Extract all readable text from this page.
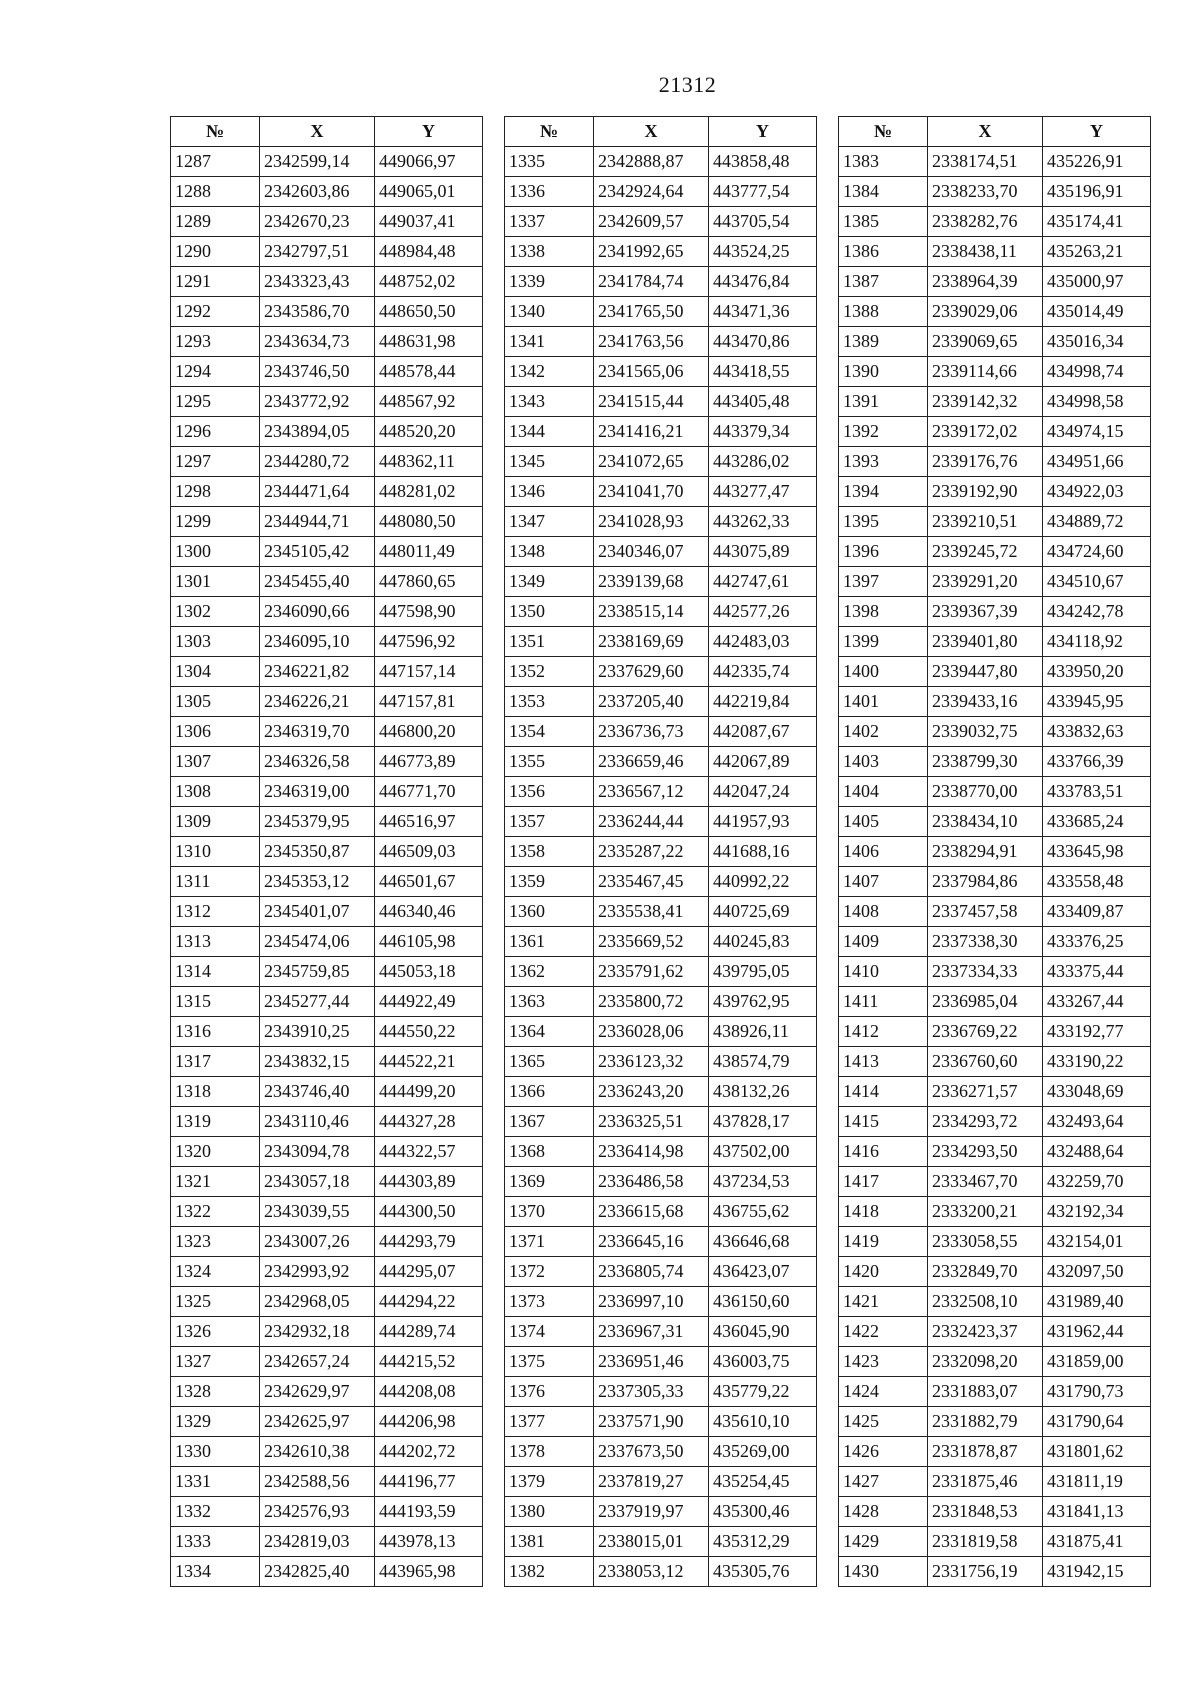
21312
№	X	Y
1287	2342599,14	449066,97
1288	2342603,86	449065,01
1289	2342670,23	449037,41
1290	2342797,51	448984,48
1291	2343323,43	448752,02
1292	2343586,70	448650,50
1293	2343634,73	448631,98
1294	2343746,50	448578,44
1295	2343772,92	448567,92
1296	2343894,05	448520,20
1297	2344280,72	448362,11
1298	2344471,64	448281,02
1299	2344944,71	448080,50
1300	2345105,42	448011,49
1301	2345455,40	447860,65
1302	2346090,66	447598,90
1303	2346095,10	447596,92
1304	2346221,82	447157,14
1305	2346226,21	447157,81
1306	2346319,70	446800,20
1307	2346326,58	446773,89
1308	2346319,00	446771,70
1309	2345379,95	446516,97
1310	2345350,87	446509,03
1311	2345353,12	446501,67
1312	2345401,07	446340,46
1313	2345474,06	446105,98
1314	2345759,85	445053,18
1315	2345277,44	444922,49
1316	2343910,25	444550,22
1317	2343832,15	444522,21
1318	2343746,40	444499,20
1319	2343110,46	444327,28
1320	2343094,78	444322,57
1321	2343057,18	444303,89
1322	2343039,55	444300,50
1323	2343007,26	444293,79
1324	2342993,92	444295,07
1325	2342968,05	444294,22
1326	2342932,18	444289,74
1327	2342657,24	444215,52
1328	2342629,97	444208,08
1329	2342625,97	444206,98
1330	2342610,38	444202,72
1331	2342588,56	444196,77
1332	2342576,93	444193,59
1333	2342819,03	443978,13
1334	2342825,40	443965,98
№	X	Y
1335	2342888,87	443858,48
1336	2342924,64	443777,54
1337	2342609,57	443705,54
1338	2341992,65	443524,25
1339	2341784,74	443476,84
1340	2341765,50	443471,36
1341	2341763,56	443470,86
1342	2341565,06	443418,55
1343	2341515,44	443405,48
1344	2341416,21	443379,34
1345	2341072,65	443286,02
1346	2341041,70	443277,47
1347	2341028,93	443262,33
1348	2340346,07	443075,89
1349	2339139,68	442747,61
1350	2338515,14	442577,26
1351	2338169,69	442483,03
1352	2337629,60	442335,74
1353	2337205,40	442219,84
1354	2336736,73	442087,67
1355	2336659,46	442067,89
1356	2336567,12	442047,24
1357	2336244,44	441957,93
1358	2335287,22	441688,16
1359	2335467,45	440992,22
1360	2335538,41	440725,69
1361	2335669,52	440245,83
1362	2335791,62	439795,05
1363	2335800,72	439762,95
1364	2336028,06	438926,11
1365	2336123,32	438574,79
1366	2336243,20	438132,26
1367	2336325,51	437828,17
1368	2336414,98	437502,00
1369	2336486,58	437234,53
1370	2336615,68	436755,62
1371	2336645,16	436646,68
1372	2336805,74	436423,07
1373	2336997,10	436150,60
1374	2336967,31	436045,90
1375	2336951,46	436003,75
1376	2337305,33	435779,22
1377	2337571,90	435610,10
1378	2337673,50	435269,00
1379	2337819,27	435254,45
1380	2337919,97	435300,46
1381	2338015,01	435312,29
1382	2338053,12	435305,76
№	X	Y
1383	2338174,51	435226,91
1384	2338233,70	435196,91
1385	2338282,76	435174,41
1386	2338438,11	435263,21
1387	2338964,39	435000,97
1388	2339029,06	435014,49
1389	2339069,65	435016,34
1390	2339114,66	434998,74
1391	2339142,32	434998,58
1392	2339172,02	434974,15
1393	2339176,76	434951,66
1394	2339192,90	434922,03
1395	2339210,51	434889,72
1396	2339245,72	434724,60
1397	2339291,20	434510,67
1398	2339367,39	434242,78
1399	2339401,80	434118,92
1400	2339447,80	433950,20
1401	2339433,16	433945,95
1402	2339032,75	433832,63
1403	2338799,30	433766,39
1404	2338770,00	433783,51
1405	2338434,10	433685,24
1406	2338294,91	433645,98
1407	2337984,86	433558,48
1408	2337457,58	433409,87
1409	2337338,30	433376,25
1410	2337334,33	433375,44
1411	2336985,04	433267,44
1412	2336769,22	433192,77
1413	2336760,60	433190,22
1414	2336271,57	433048,69
1415	2334293,72	432493,64
1416	2334293,50	432488,64
1417	2333467,70	432259,70
1418	2333200,21	432192,34
1419	2333058,55	432154,01
1420	2332849,70	432097,50
1421	2332508,10	431989,40
1422	2332423,37	431962,44
1423	2332098,20	431859,00
1424	2331883,07	431790,73
1425	2331882,79	431790,64
1426	2331878,87	431801,62
1427	2331875,46	431811,19
1428	2331848,53	431841,13
1429	2331819,58	431875,41
1430	2331756,19	431942,15
